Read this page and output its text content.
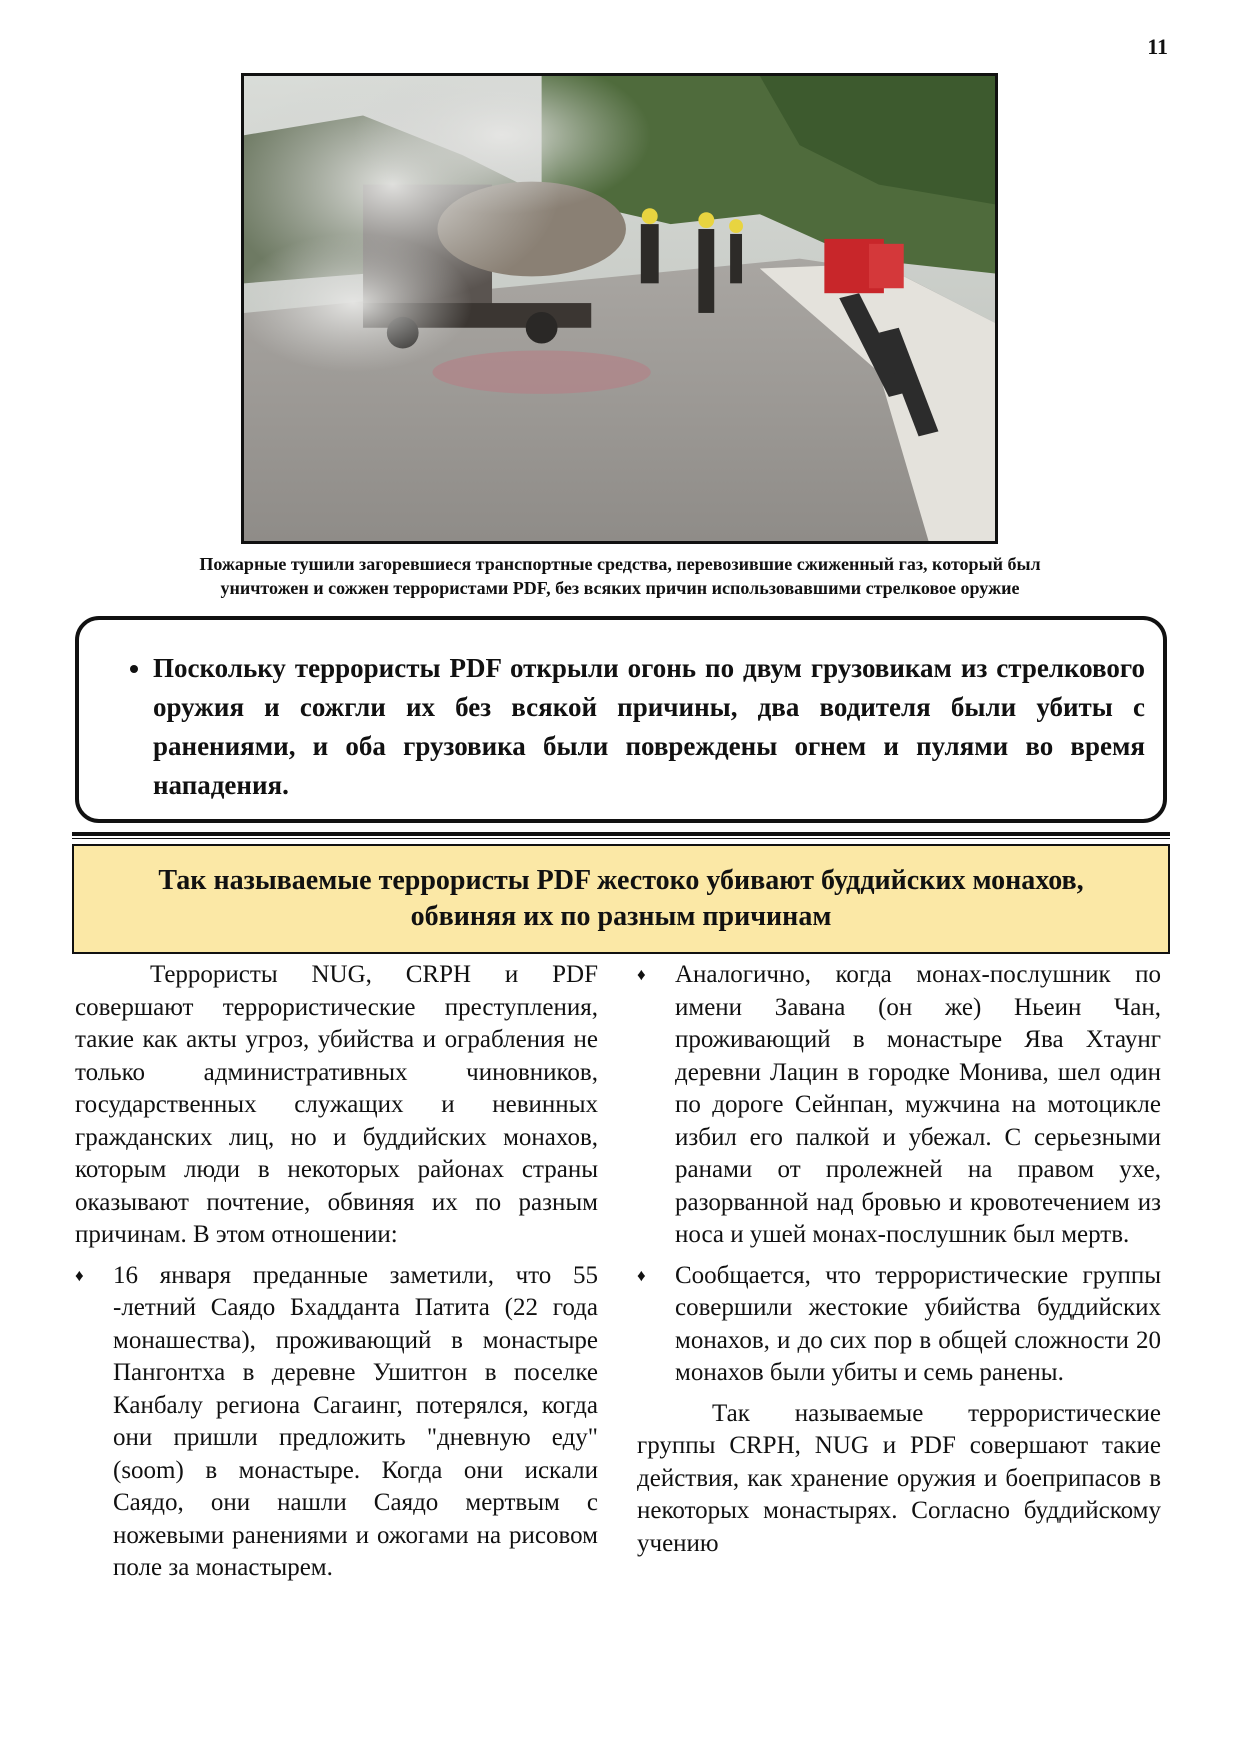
11
Пожарные тушили загоревшиеся транспортные средства, перевозившие сжиженный газ, который был
уничтожен и сожжен террористами PDF, без всяких причин использовавшими стрелковое оружие
• Поскольку террористы PDF открыли огонь по двум грузовикам из стрелкового оружия и сожгли их без всякой причины, два водителя были убиты с ранениями, и оба грузовика были повреждены огнем и пулями во время нападения.
Так называемые террористы PDF жестоко убивают буддийских монахов,
обвиняя их по разным причинам

Террористы NUG, CRPH и PDF совершают террористические преступления, такие как акты угроз, убийства и ограбления не только административных чиновников, государственных служащих и невинных гражданских лиц, но и буддийских монахов, которым люди в некоторых районах страны оказывают почтение, обвиняя их по разным причинам. В этом отношении:

♦ 16 января преданные заметили, что 55 -летний Саядо Бхадданта Патита (22 года монашества), проживающий в монастыре Пангонтха в деревне Ушитгон в поселке Канбалу региона Сагаинг, потерялся, когда они пришли предложить "дневную еду" (soom) в монастыре. Когда они искали Саядо, они нашли Саядо мертвым с ножевыми ранениями и ожогами на рисовом поле за монастырем.

♦ Аналогично, когда монах-послушник по имени Завана (он же) Ньеин Чан, проживающий в монастыре Ява Хтаунг деревни Лацин в городке Монива, шел один по дороге Сейнпан, мужчина на мотоцикле избил его палкой и убежал. С серьезными ранами от пролежней на правом ухе, разорванной над бровью и кровотечением из носа и ушей монах-послушник был мертв.

♦ Сообщается, что террористические группы совершили жестокие убийства буддийских монахов, и до сих пор в общей сложности 20 монахов были убиты и семь ранены.

Так называемые террористические группы CRPH, NUG и PDF совершают такие действия, как хранение оружия и боеприпасов в некоторых монастырях. Согласно буддийскому учению
